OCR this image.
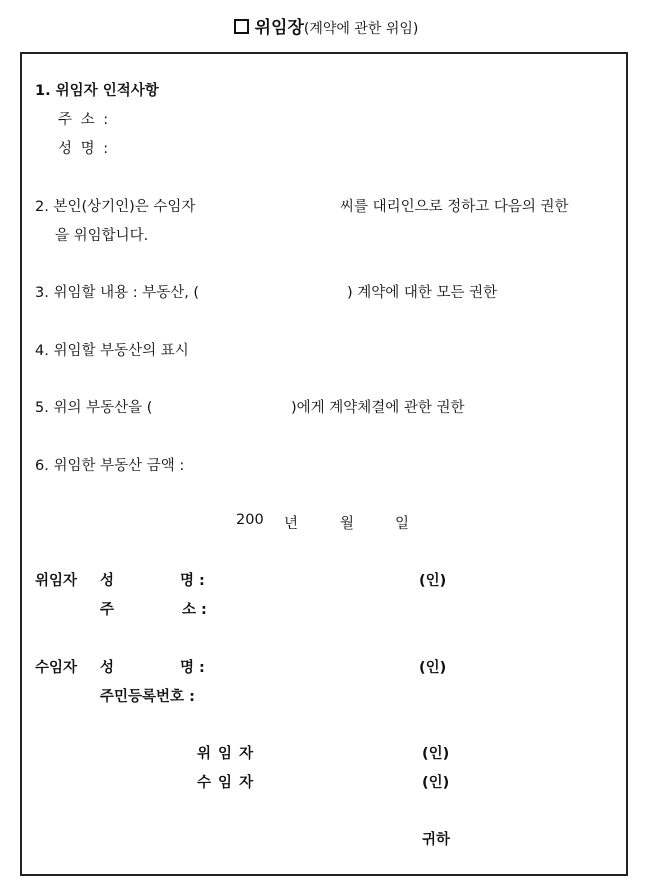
위임장(계약에 관한 위임)
1. 위임자 인적사항
주 소 :
성 명 :
2. 본인(상기인)은 수임자	씨를 대리인으로 정하고 다음의 권한
을 위임합니다.
3. 위임할 내용 : 부동산, (	) 계약에 대한 모든 권한
4. 위임할 부동산의 표시
5. 위의 부동산을 (	)에게 계약체결에 관한 권한
6. 위임한 부동산 금액 :
200 년	월	일
위임자 성	명 :	(인)
주	소 :
수임자 성	명 :	(인)
주민등록번호 :
위 임 자	(인)
수 임 자	(인)
귀하
